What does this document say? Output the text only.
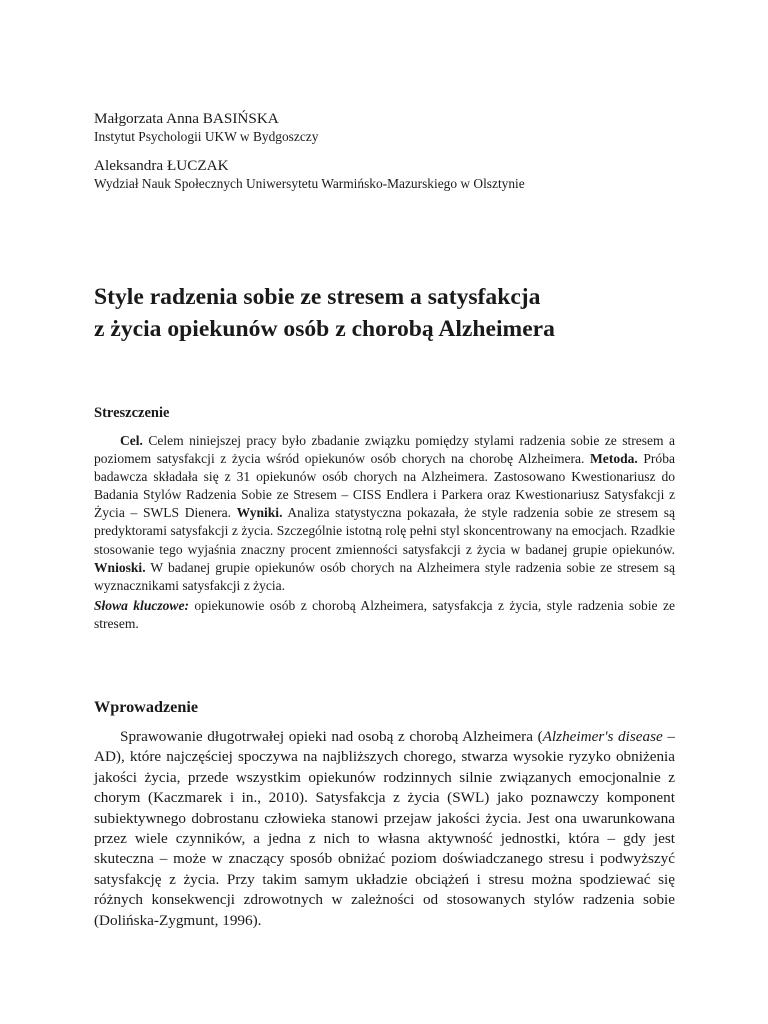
Małgorzata Anna BASIŃSKA

Instytut Psychologii UKW w Bydgoszczy

Aleksandra ŁUCZAK

Wydział Nauk Społecznych Uniwersytetu Warmińsko-Mazurskiego w Olsztynie

Style radzenia sobie ze stresem a satysfakcja
z życia opiekunów osób z chorobą Alzheimera

Streszczenie

Cel. Celem niniejszej pracy było zbadanie związku pomiędzy stylami radzenia sobie ze stresem a poziomem satysfakcji z życia wśród opiekunów osób chorych na chorobę Alzheimera. Metoda. Próba badawcza składała się z 31 opiekunów osób chorych na Alzheimera. Zastosowano Kwestionariusz do Badania Stylów Radzenia Sobie ze Stresem – CISS Endlera i Parkera oraz Kwestionariusz Satysfakcji z Życia – SWLS Dienera. Wyniki. Analiza statystyczna pokazała, że style radzenia sobie ze stresem są predyktorami satysfakcji z życia. Szczególnie istotną rolę pełni styl skoncentrowany na emocjach. Rzadkie stosowanie tego wyjaśnia znaczny procent zmienności satysfakcji z życia w badanej grupie opiekunów. Wnioski. W badanej grupie opiekunów osób chorych na Alzheimera style radzenia sobie ze stresem są wyznacznikami satysfakcji z życia.

Słowa kluczowe: opiekunowie osób z chorobą Alzheimera, satysfakcja z życia, style radzenia sobie ze stresem.

Wprowadzenie

Sprawowanie długotrwałej opieki nad osobą z chorobą Alzheimera (Alzheimer's disease – AD), które najczęściej spoczywa na najbliższych chorego, stwarza wysokie ryzyko obniżenia jakości życia, przede wszystkim opiekunów rodzinnych silnie związanych emocjonalnie z chorym (Kaczmarek i in., 2010). Satysfakcja z życia (SWL) jako poznawczy komponent subiektywnego dobrostanu człowieka stanowi przejaw jakości życia. Jest ona uwarunkowana przez wiele czynników, a jedna z nich to własna aktywność jednostki, która – gdy jest skuteczna – może w znaczący sposób obniżać poziom doświadczanego stresu i podwyższyć satysfakcję z życia. Przy takim samym układzie obciążeń i stresu można spodziewać się różnych konsekwencji zdrowotnych w zależności od stosowanych stylów radzenia sobie (Dolińska-Zygmunt, 1996).
